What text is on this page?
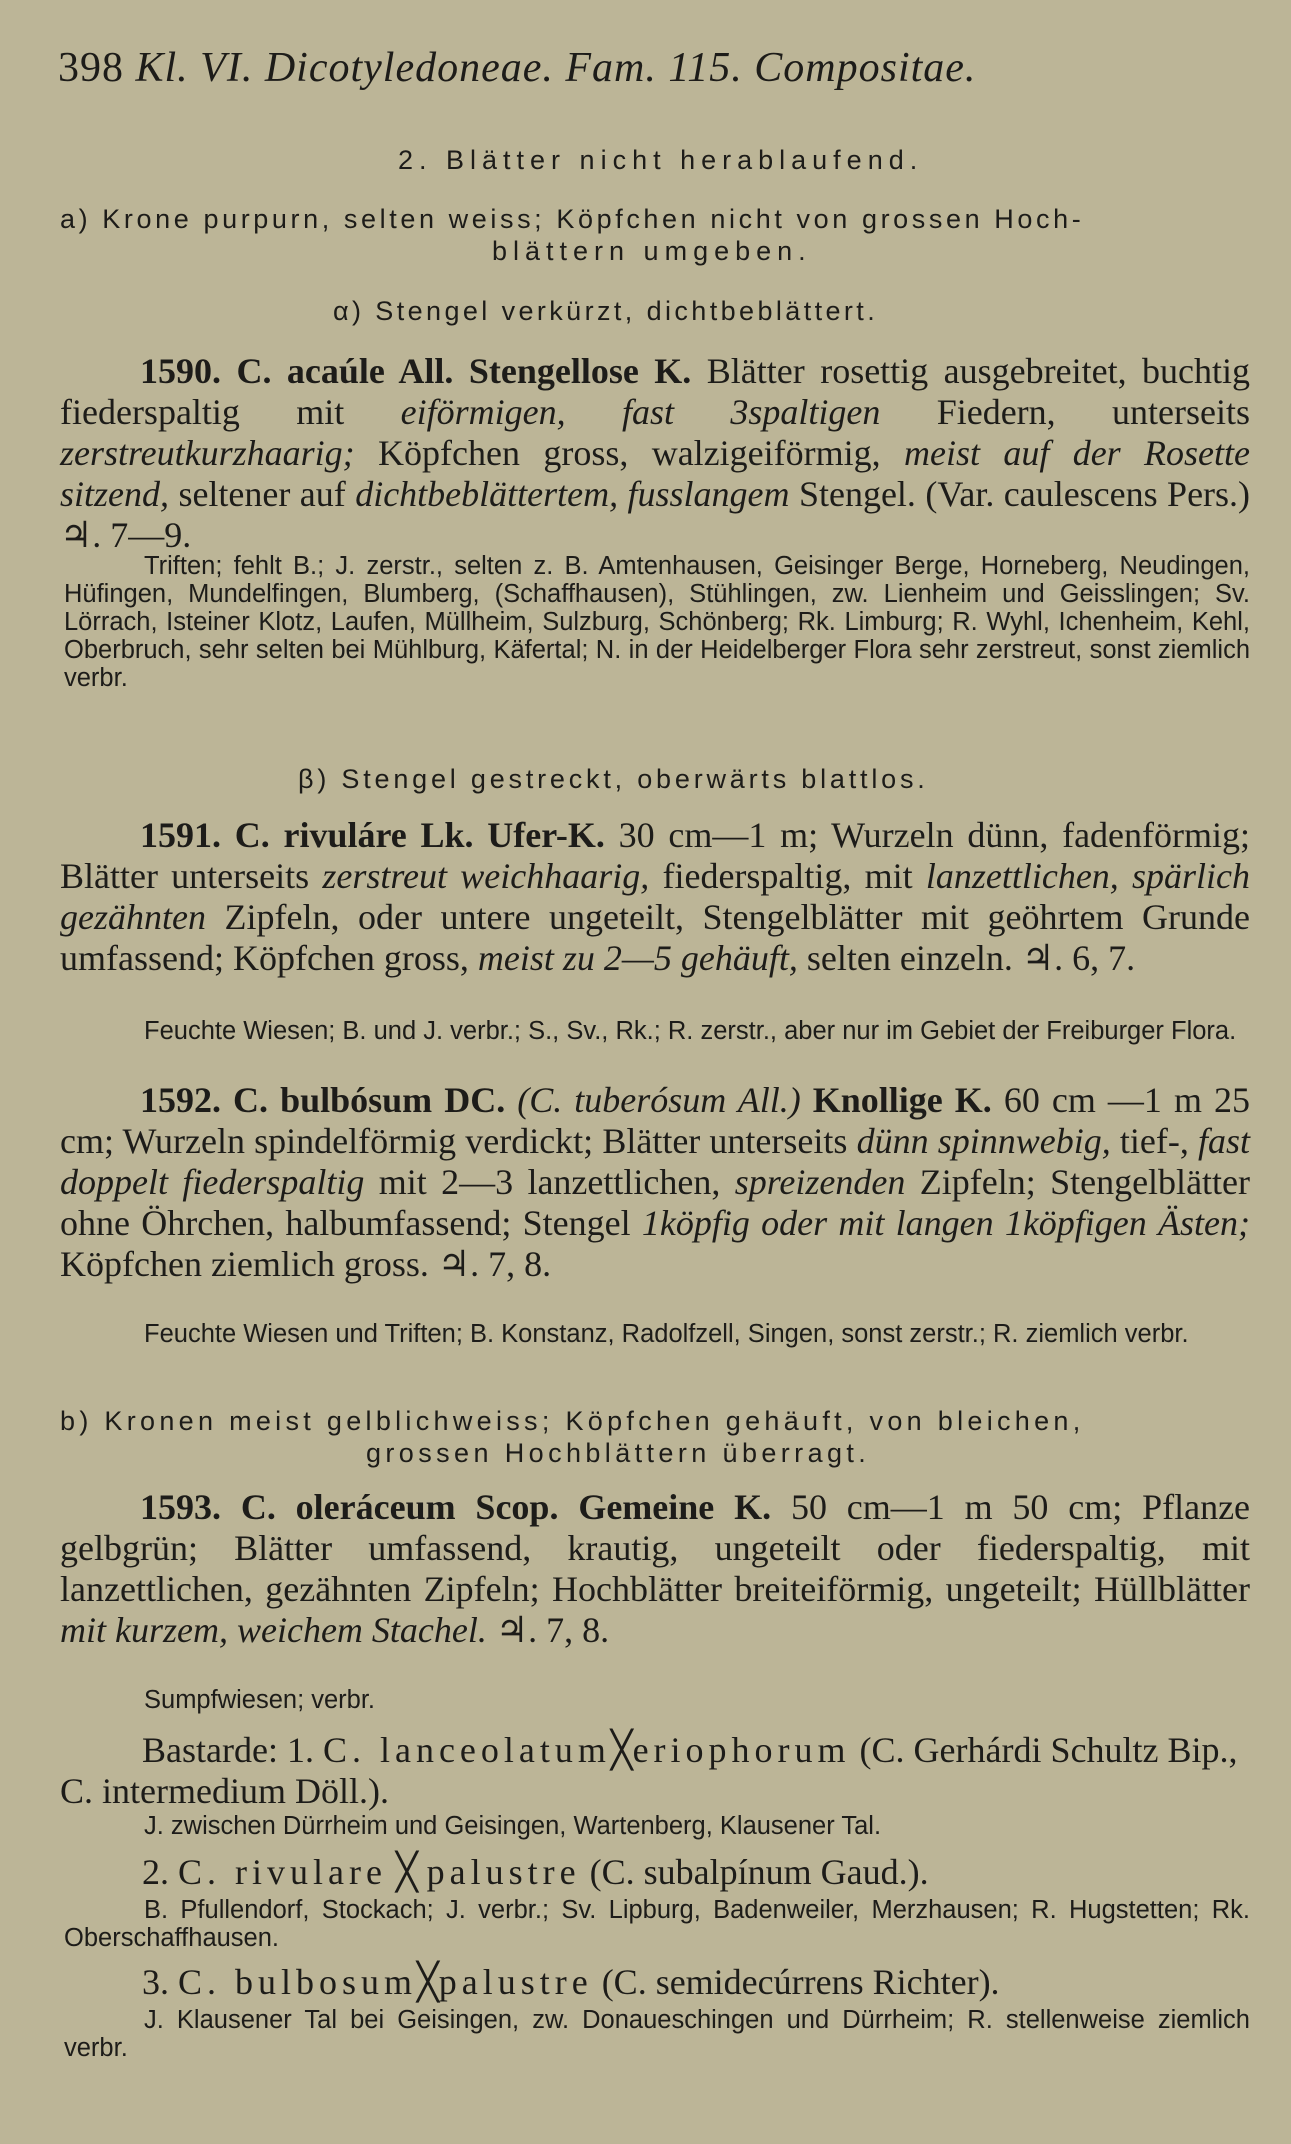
398 Kl. VI. Dicotyledoneae. Fam. 115. Compositae.
2. Blätter nicht herablaufend.
a) Krone purpurn, selten weiss; Köpfchen nicht von grossen Hoch-
blättern umgeben.
α) Stengel verkürzt, dichtbeblättert.
1590. C. acaúle All. Stengellose K. Blätter rosettig ausgebreitet, buchtig fiederspaltig mit eiförmigen, fast 3spaltigen Fiedern, unterseits zerstreutkurzhaarig; Köpfchen gross, walzigeiförmig, meist auf der Rosette sitzend, seltener auf dichtbeblättertem, fusslangem Stengel. (Var. caulescens Pers.) ♃. 7—9.
Triften; fehlt B.; J. zerstr., selten z. B. Amtenhausen, Geisinger Berge, Horneberg, Neudingen, Hüfingen, Mundelfingen, Blumberg, (Schaffhausen), Stühlingen, zw. Lienheim und Geisslingen; Sv. Lörrach, Isteiner Klotz, Laufen, Müllheim, Sulzburg, Schönberg; Rk. Limburg; R. Wyhl, Ichenheim, Kehl, Oberbruch, sehr selten bei Mühlburg, Käfertal; N. in der Heidelberger Flora sehr zerstreut, sonst ziemlich verbr.
β) Stengel gestreckt, oberwärts blattlos.
1591. C. rivuláre Lk. Ufer-K. 30 cm—1 m; Wurzeln dünn, fadenförmig; Blätter unterseits zerstreut weichhaarig, fiederspaltig, mit lanzettlichen, spärlich gezähnten Zipfeln, oder untere ungeteilt, Stengelblätter mit geöhrtem Grunde umfassend; Köpfchen gross, meist zu 2—5 gehäuft, selten einzeln. ♃. 6, 7.
Feuchte Wiesen; B. und J. verbr.; S., Sv., Rk.; R. zerstr., aber nur im Gebiet der Freiburger Flora.
1592. C. bulbósum DC. (C. tuberósum All.) Knollige K. 60 cm —1 m 25 cm; Wurzeln spindelförmig verdickt; Blätter unterseits dünn spinnwebig, tief-, fast doppelt fiederspaltig mit 2—3 lanzettlichen, spreizenden Zipfeln; Stengelblätter ohne Öhrchen, halbumfassend; Stengel 1köpfig oder mit langen 1köpfigen Ästen; Köpfchen ziemlich gross. ♃. 7, 8.
Feuchte Wiesen und Triften; B. Konstanz, Radolfzell, Singen, sonst zerstr.; R. ziemlich verbr.
b) Kronen meist gelblichweiss; Köpfchen gehäuft, von bleichen,
grossen Hochblättern überragt.
1593. C. oleráceum Scop. Gemeine K. 50 cm—1 m 50 cm; Pflanze gelbgrün; Blätter umfassend, krautig, ungeteilt oder fiederspaltig, mit lanzettlichen, gezähnten Zipfeln; Hochblätter breiteiförmig, ungeteilt; Hüllblätter mit kurzem, weichem Stachel. ♃. 7, 8.
Sumpfwiesen; verbr.
Bastarde: 1. C. lanceolatum╳eriophorum (C. Gerhárdi Schultz Bip., C. intermedium Döll.).
J. zwischen Dürrheim und Geisingen, Wartenberg, Klausener Tal.
2. C. rivulare ╳ palustre (C. subalpínum Gaud.).
B. Pfullendorf, Stockach; J. verbr.; Sv. Lipburg, Badenweiler, Merzhausen; R. Hugstetten; Rk. Oberschaffhausen.
3. C. bulbosum╳palustre (C. semidecúrrens Richter).
J. Klausener Tal bei Geisingen, zw. Donaueschingen und Dürrheim; R. stellenweise ziemlich verbr.
